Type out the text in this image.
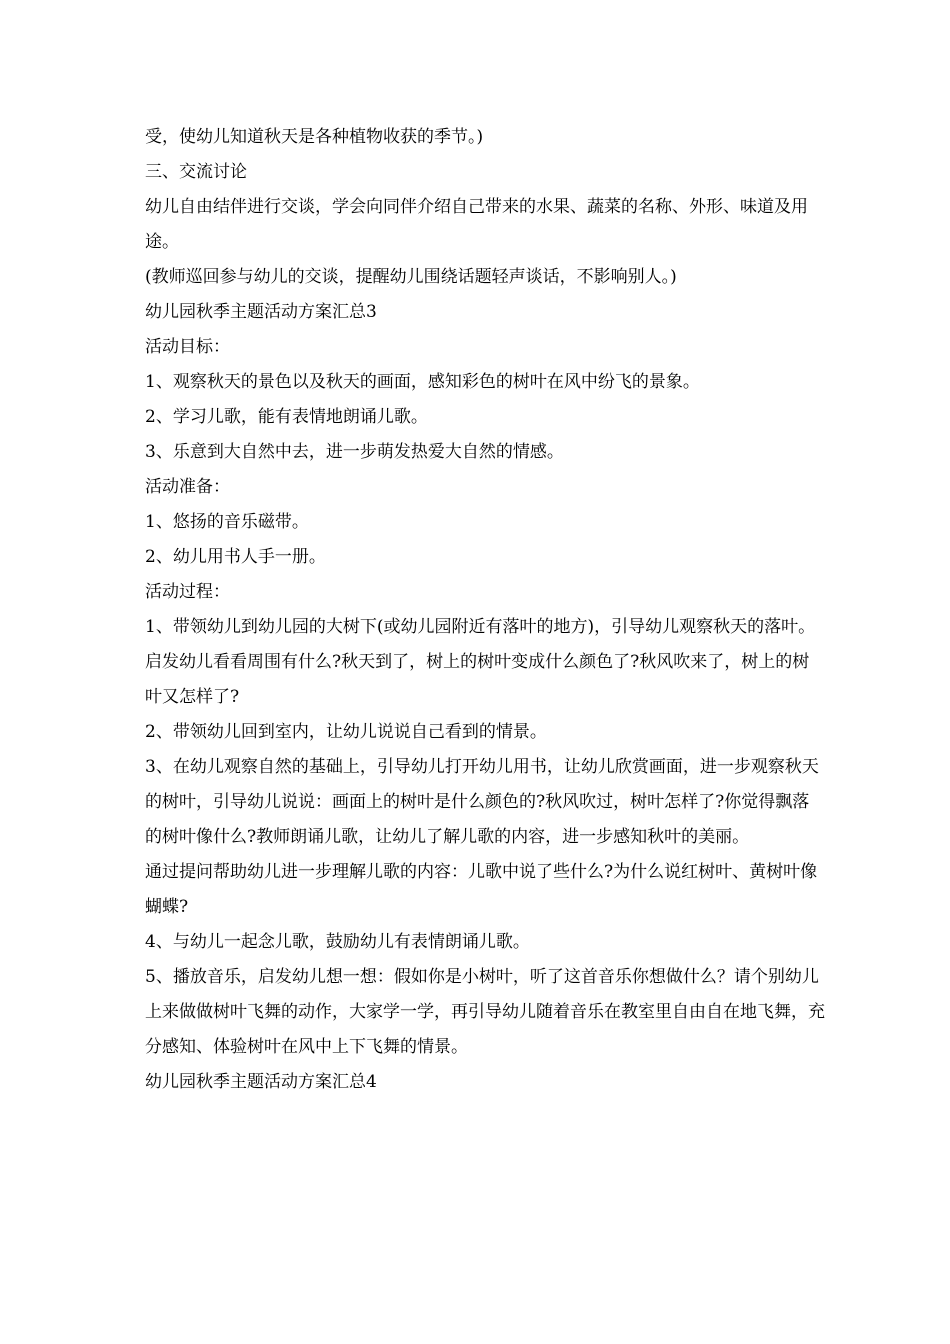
受，使幼儿知道秋天是各种植物收获的季节。)

三、交流讨论

幼儿自由结伴进行交谈，学会向同伴介绍自己带来的水果、蔬菜的名称、外形、味道及用途。

(教师巡回参与幼儿的交谈，提醒幼儿围绕话题轻声谈话，不影响别人。)

幼儿园秋季主题活动方案汇总3

活动目标：

1、观察秋天的景色以及秋天的画面，感知彩色的树叶在风中纷飞的景象。

2、学习儿歌，能有表情地朗诵儿歌。

3、乐意到大自然中去，进一步萌发热爱大自然的情感。

活动准备：

1、悠扬的音乐磁带。

2、幼儿用书人手一册。

活动过程：

1、带领幼儿到幼儿园的大树下(或幼儿园附近有落叶的地方)，引导幼儿观察秋天的落叶。

启发幼儿看看周围有什么?秋天到了，树上的树叶变成什么颜色了?秋风吹来了，树上的树叶又怎样了?

2、带领幼儿回到室内，让幼儿说说自己看到的情景。

3、在幼儿观察自然的基础上，引导幼儿打开幼儿用书，让幼儿欣赏画面，进一步观察秋天的树叶，引导幼儿说说：画面上的树叶是什么颜色的?秋风吹过，树叶怎样了?你觉得飘落的树叶像什么?教师朗诵儿歌，让幼儿了解儿歌的内容，进一步感知秋叶的美丽。

通过提问帮助幼儿进一步理解儿歌的内容：儿歌中说了些什么?为什么说红树叶、黄树叶像蝴蝶?

4、与幼儿一起念儿歌，鼓励幼儿有表情朗诵儿歌。

5、播放音乐，启发幼儿想一想：假如你是小树叶，听了这首音乐你想做什么？请个别幼儿上来做做树叶飞舞的动作，大家学一学，再引导幼儿随着音乐在教室里自由自在地飞舞，充分感知、体验树叶在风中上下飞舞的情景。

幼儿园秋季主题活动方案汇总4
